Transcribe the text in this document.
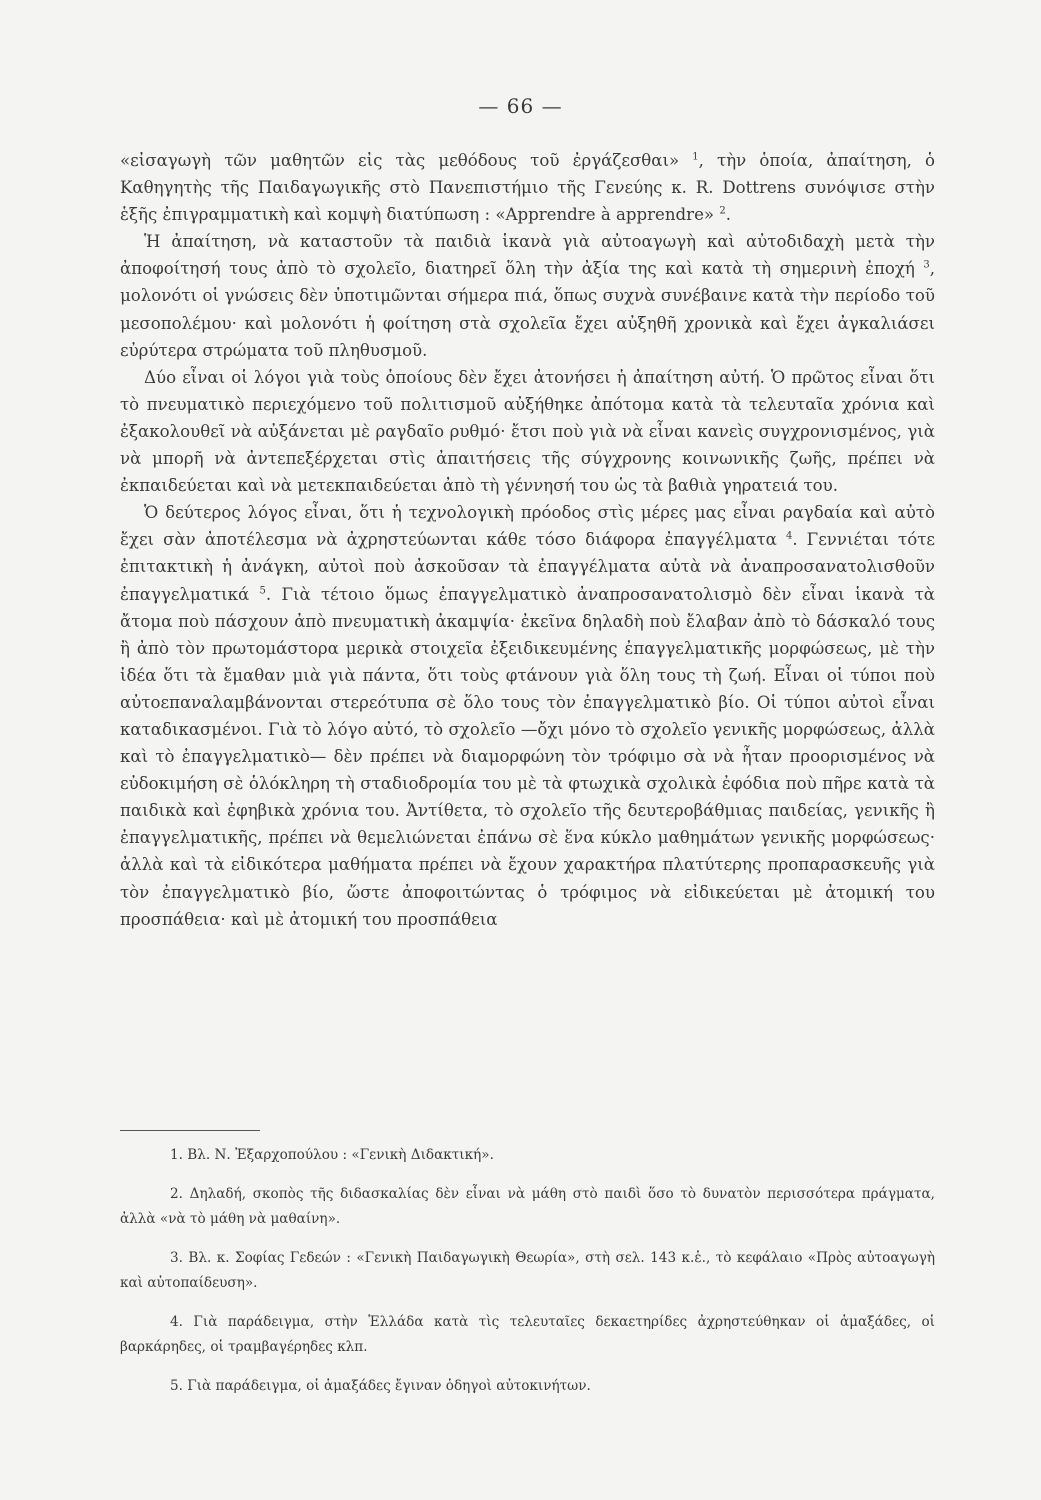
— 66 —

«εἰσαγωγὴ τῶν μαθητῶν εἰς τὰς μεθόδους τοῦ ἐργάζεσθαι» $^1$, τὴν ὁποία, ἀπαίτηση, ὁ Καθηγητὴς τῆς Παιδαγωγικῆς στὸ Πανεπιστήμιο τῆς Γενεύης κ. R. Dottrens συνόψισε στὴν ἑξῆς ἐπιγραμματικὴ καὶ κομψὴ διατύπωση : «Apprendre à apprendre» $^2$.

Ἡ ἀπαίτηση, νὰ καταστοῦν τὰ παιδιὰ ἱκανὰ γιὰ αὐτοαγωγὴ καὶ αὐτοδιδαχὴ μετὰ τὴν ἀποφοίτησή τους ἀπὸ τὸ σχολεῖο, διατηρεῖ ὅλη τὴν ἀξία της καὶ κατὰ τὴ σημερινὴ ἐποχή $^3$, μολονότι οἱ γνώσεις δὲν ὑποτιμῶνται σήμερα πιά, ὅπως συχνὰ συνέβαινε κατὰ τὴν περίοδο τοῦ μεσοπολέμου· καὶ μολονότι ἡ φοίτηση στὰ σχολεῖα ἔχει αὐξηθῆ χρονικὰ καὶ ἔχει ἀγκαλιάσει εὐρύτερα στρώματα τοῦ πληθυσμοῦ.

Δύο εἶναι οἱ λόγοι γιὰ τοὺς ὁποίους δὲν ἔχει ἀτονήσει ἡ ἀπαίτηση αὐτή. Ὁ πρῶτος εἶναι ὅτι τὸ πνευματικὸ περιεχόμενο τοῦ πολιτισμοῦ αὐξήθηκε ἀπότομα κατὰ τὰ τελευταῖα χρόνια καὶ ἐξακολουθεῖ νὰ αὐξάνεται μὲ ραγδαῖο ρυθμό· ἔτσι ποὺ γιὰ νὰ εἶναι κανεὶς συγχρονισμένος, γιὰ νὰ μπορῆ νὰ ἀντεπεξέρχεται στὶς ἀπαιτήσεις τῆς σύγχρονης κοινωνικῆς ζωῆς, πρέπει νὰ ἐκπαιδεύεται καὶ νὰ μετεκπαιδεύεται ἀπὸ τὴ γέννησή του ὡς τὰ βαθιὰ γηρατειά του.

Ὁ δεύτερος λόγος εἶναι, ὅτι ἡ τεχνολογικὴ πρόοδος στὶς μέρες μας εἶναι ραγδαία καὶ αὐτὸ ἔχει σὰν ἀποτέλεσμα νὰ ἀχρηστεύωνται κάθε τόσο διάφορα ἐπαγγέλματα $^4$. Γεννιέται τότε ἐπιτακτικὴ ἡ ἀνάγκη, αὐτοὶ ποὺ ἀσκοῦσαν τὰ ἐπαγγέλματα αὐτὰ νὰ ἀναπροσανατολισθοῦν ἐπαγγελματικά $^5$. Γιὰ τέτοιο ὅμως ἐπαγγελματικὸ ἀναπροσανατολισμὸ δὲν εἶναι ἱκανὰ τὰ ἄτομα ποὺ πάσχουν ἀπὸ πνευματικὴ ἀκαμψία· ἐκεῖνα δηλαδὴ ποὺ ἔλαβαν ἀπὸ τὸ δάσκαλό τους ἢ ἀπὸ τὸν πρωτομάστορα μερικὰ στοιχεῖα ἐξειδικευμένης ἐπαγγελματικῆς μορφώσεως, μὲ τὴν ἰδέα ὅτι τὰ ἔμαθαν μιὰ γιὰ πάντα, ὅτι τοὺς φτάνουν γιὰ ὅλη τους τὴ ζωή. Εἶναι οἱ τύποι ποὺ αὐτοεπαναλαμβάνονται στερεότυπα σὲ ὅλο τους τὸν ἐπαγγελματικὸ βίο. Οἱ τύποι αὐτοὶ εἶναι καταδικασμένοι. Γιὰ τὸ λόγο αὐτό, τὸ σχολεῖο —ὄχι μόνο τὸ σχολεῖο γενικῆς μορφώσεως, ἀλλὰ καὶ τὸ ἐπαγγελματικὸ— δὲν πρέπει νὰ διαμορφώνη τὸν τρόφιμο σὰ νὰ ἦταν προορισμένος νὰ εὐδοκιμήση σὲ ὁλόκληρη τὴ σταδιοδρομία του μὲ τὰ φτωχικὰ σχολικὰ ἐφόδια ποὺ πῆρε κατὰ τὰ παιδικὰ καὶ ἐφηβικὰ χρόνια του. Ἀντίθετα, τὸ σχολεῖο τῆς δευτεροβάθμιας παιδείας, γενικῆς ἢ ἐπαγγελματικῆς, πρέπει νὰ θεμελιώνεται ἐπάνω σὲ ἕνα κύκλο μαθημάτων γενικῆς μορφώσεως· ἀλλὰ καὶ τὰ εἰδικότερα μαθήματα πρέπει νὰ ἔχουν χαρακτήρα πλατύτερης προπαρασκευῆς γιὰ τὸν ἐπαγγελματικὸ βίο, ὥστε ἀποφοιτώντας ὁ τρόφιμος νὰ εἰδικεύεται μὲ ἀτομική του προσπάθεια· καὶ μὲ ἀτομική του προσπάθεια

1. Βλ. Ν. Ἐξαρχοπούλου : «Γενικὴ Διδακτική».

2. Δηλαδή, σκοπὸς τῆς διδασκαλίας δὲν εἶναι νὰ μάθη στὸ παιδὶ ὅσο τὸ δυνατὸν περισσότερα πράγματα, ἀλλὰ «νὰ τὸ μάθη νὰ μαθαίνη».

3. Βλ. κ. Σοφίας Γεδεών : «Γενικὴ Παιδαγωγικὴ Θεωρία», στὴ σελ. 143 κ.ἑ., τὸ κεφάλαιο «Πρὸς αὐτοαγωγὴ καὶ αὐτοπαίδευση».

4. Γιὰ παράδειγμα, στὴν Ἑλλάδα κατὰ τὶς τελευταῖες δεκαετηρίδες ἀχρηστεύθηκαν οἱ ἁμαξάδες, οἱ βαρκάρηδες, οἱ τραμβαγέρηδες κλπ.

5. Γιὰ παράδειγμα, οἱ ἁμαξάδες ἔγιναν ὁδηγοὶ αὐτοκινήτων.
